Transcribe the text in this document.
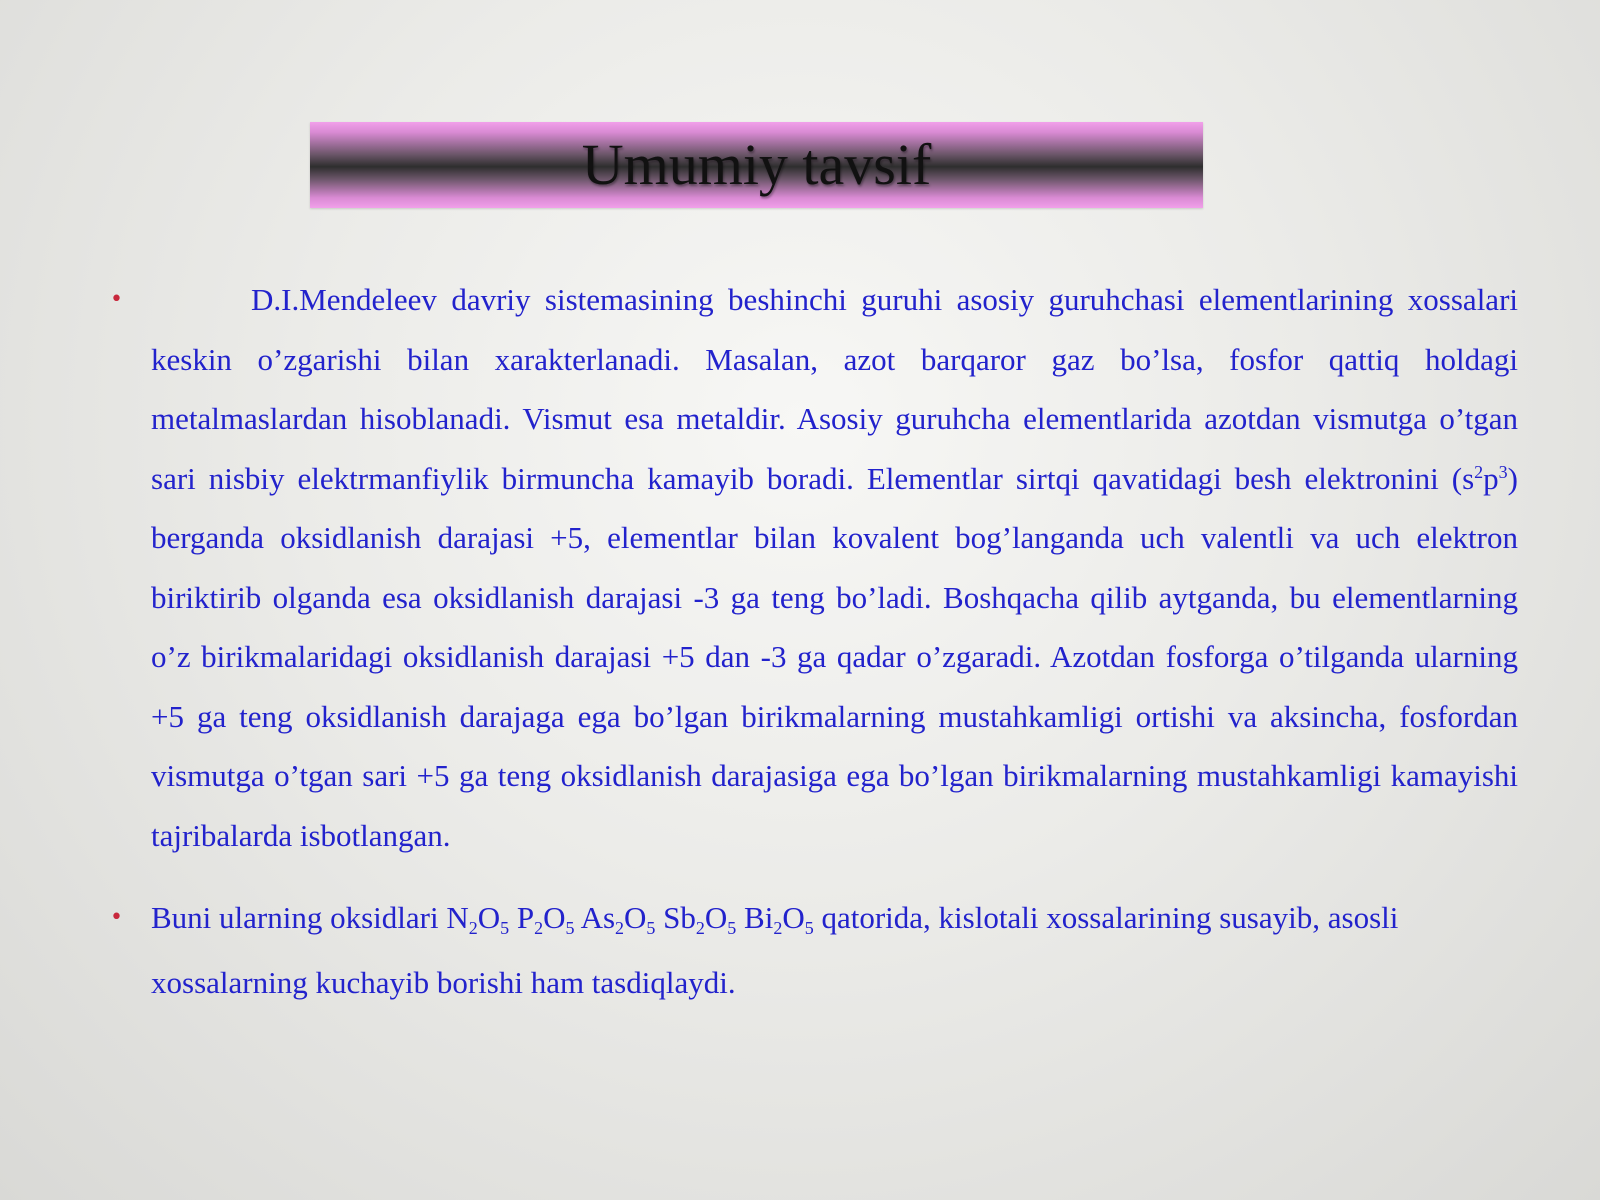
Umumiy tavsif
•	D.I.Mendeleev davriy sistemasining beshinchi guruhi asosiy guruhchasi elementlarining xossalari keskin o’zgarishi bilan xarakterlanadi. Masalan, azot barqaror gaz bo’lsa, fosfor qattiq holdagi metalmaslardan hisoblanadi. Vismut esa metaldir. Asosiy guruhcha elementlarida azotdan vismutga o’tgan sari nisbiy elektrmanfiylik birmuncha kamayib boradi. Elementlar sirtqi qavatidagi besh elektronini $(s^2p^3)$ berganda oksidlanish darajasi +5, elementlar bilan kovalent bog’langanda uch valentli va uch elektron biriktirib olganda esa oksidlanish darajasi -3 ga teng bo’ladi. Boshqacha qilib aytganda, bu elementlarning o’z birikmalaridagi oksidlanish darajasi +5 dan -3 ga qadar o’zgaradi. Azotdan fosforga o’tilganda ularning +5 ga teng oksidlanish darajaga ega bo’lgan birikmalarning mustahkamligi ortishi va aksincha, fosfordan vismutga o’tgan sari +5 ga teng oksidlanish darajasiga ega bo’lgan birikmalarning mustahkamligi kamayishi tajribalarda isbotlangan.
• Buni ularning oksidlari $N_2O_5$ $P_2O_5$ $As_2O_5$ $Sb_2O_5$ $Bi_2O_5$ qatorida, kislotali xossalarining susayib, asosli xossalarning kuchayib borishi ham tasdiqlaydi.
